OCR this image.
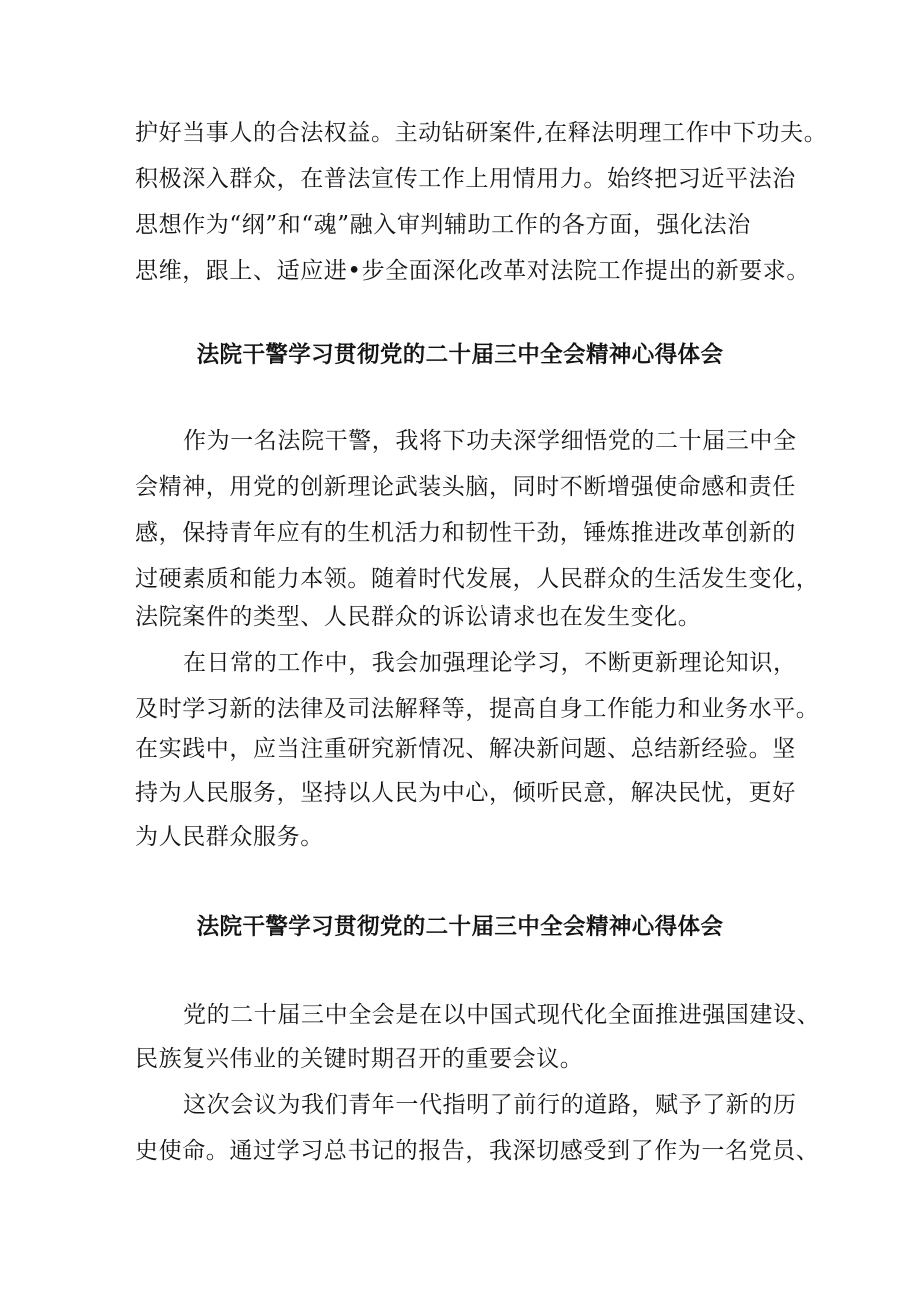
护好当事人的合法权益。主动钻研案件,在释法明理工作中下功夫。
积极深入群众，在普法宣传工作上用情用力。始终把习近平法治
思想作为“纲”和“魂”融入审判辅助工作的各方面，强化法治
思维，跟上、适应进•步全面深化改革对法院工作提出的新要求。
法院干警学习贯彻党的二十届三中全会精神心得体会
作为一名法院干警，我将下功夫深学细悟党的二十届三中全
会精神，用党的创新理论武装头脑，同时不断增强使命感和责任
感，保持青年应有的生机活力和韧性干劲，锤炼推进改革创新的
过硬素质和能力本领。随着时代发展，人民群众的生活发生变化，
法院案件的类型、人民群众的诉讼请求也在发生变化。
在日常的工作中，我会加强理论学习，不断更新理论知识，
及时学习新的法律及司法解释等，提高自身工作能力和业务水平。
在实践中，应当注重研究新情况、解决新问题、总结新经验。坚
持为人民服务，坚持以人民为中心，倾听民意，解决民忧，更好
为人民群众服务。
法院干警学习贯彻党的二十届三中全会精神心得体会
党的二十届三中全会是在以中国式现代化全面推进强国建设、
民族复兴伟业的关键时期召开的重要会议。
这次会议为我们青年一代指明了前行的道路，赋予了新的历
史使命。通过学习总书记的报告，我深切感受到了作为一名党员、
